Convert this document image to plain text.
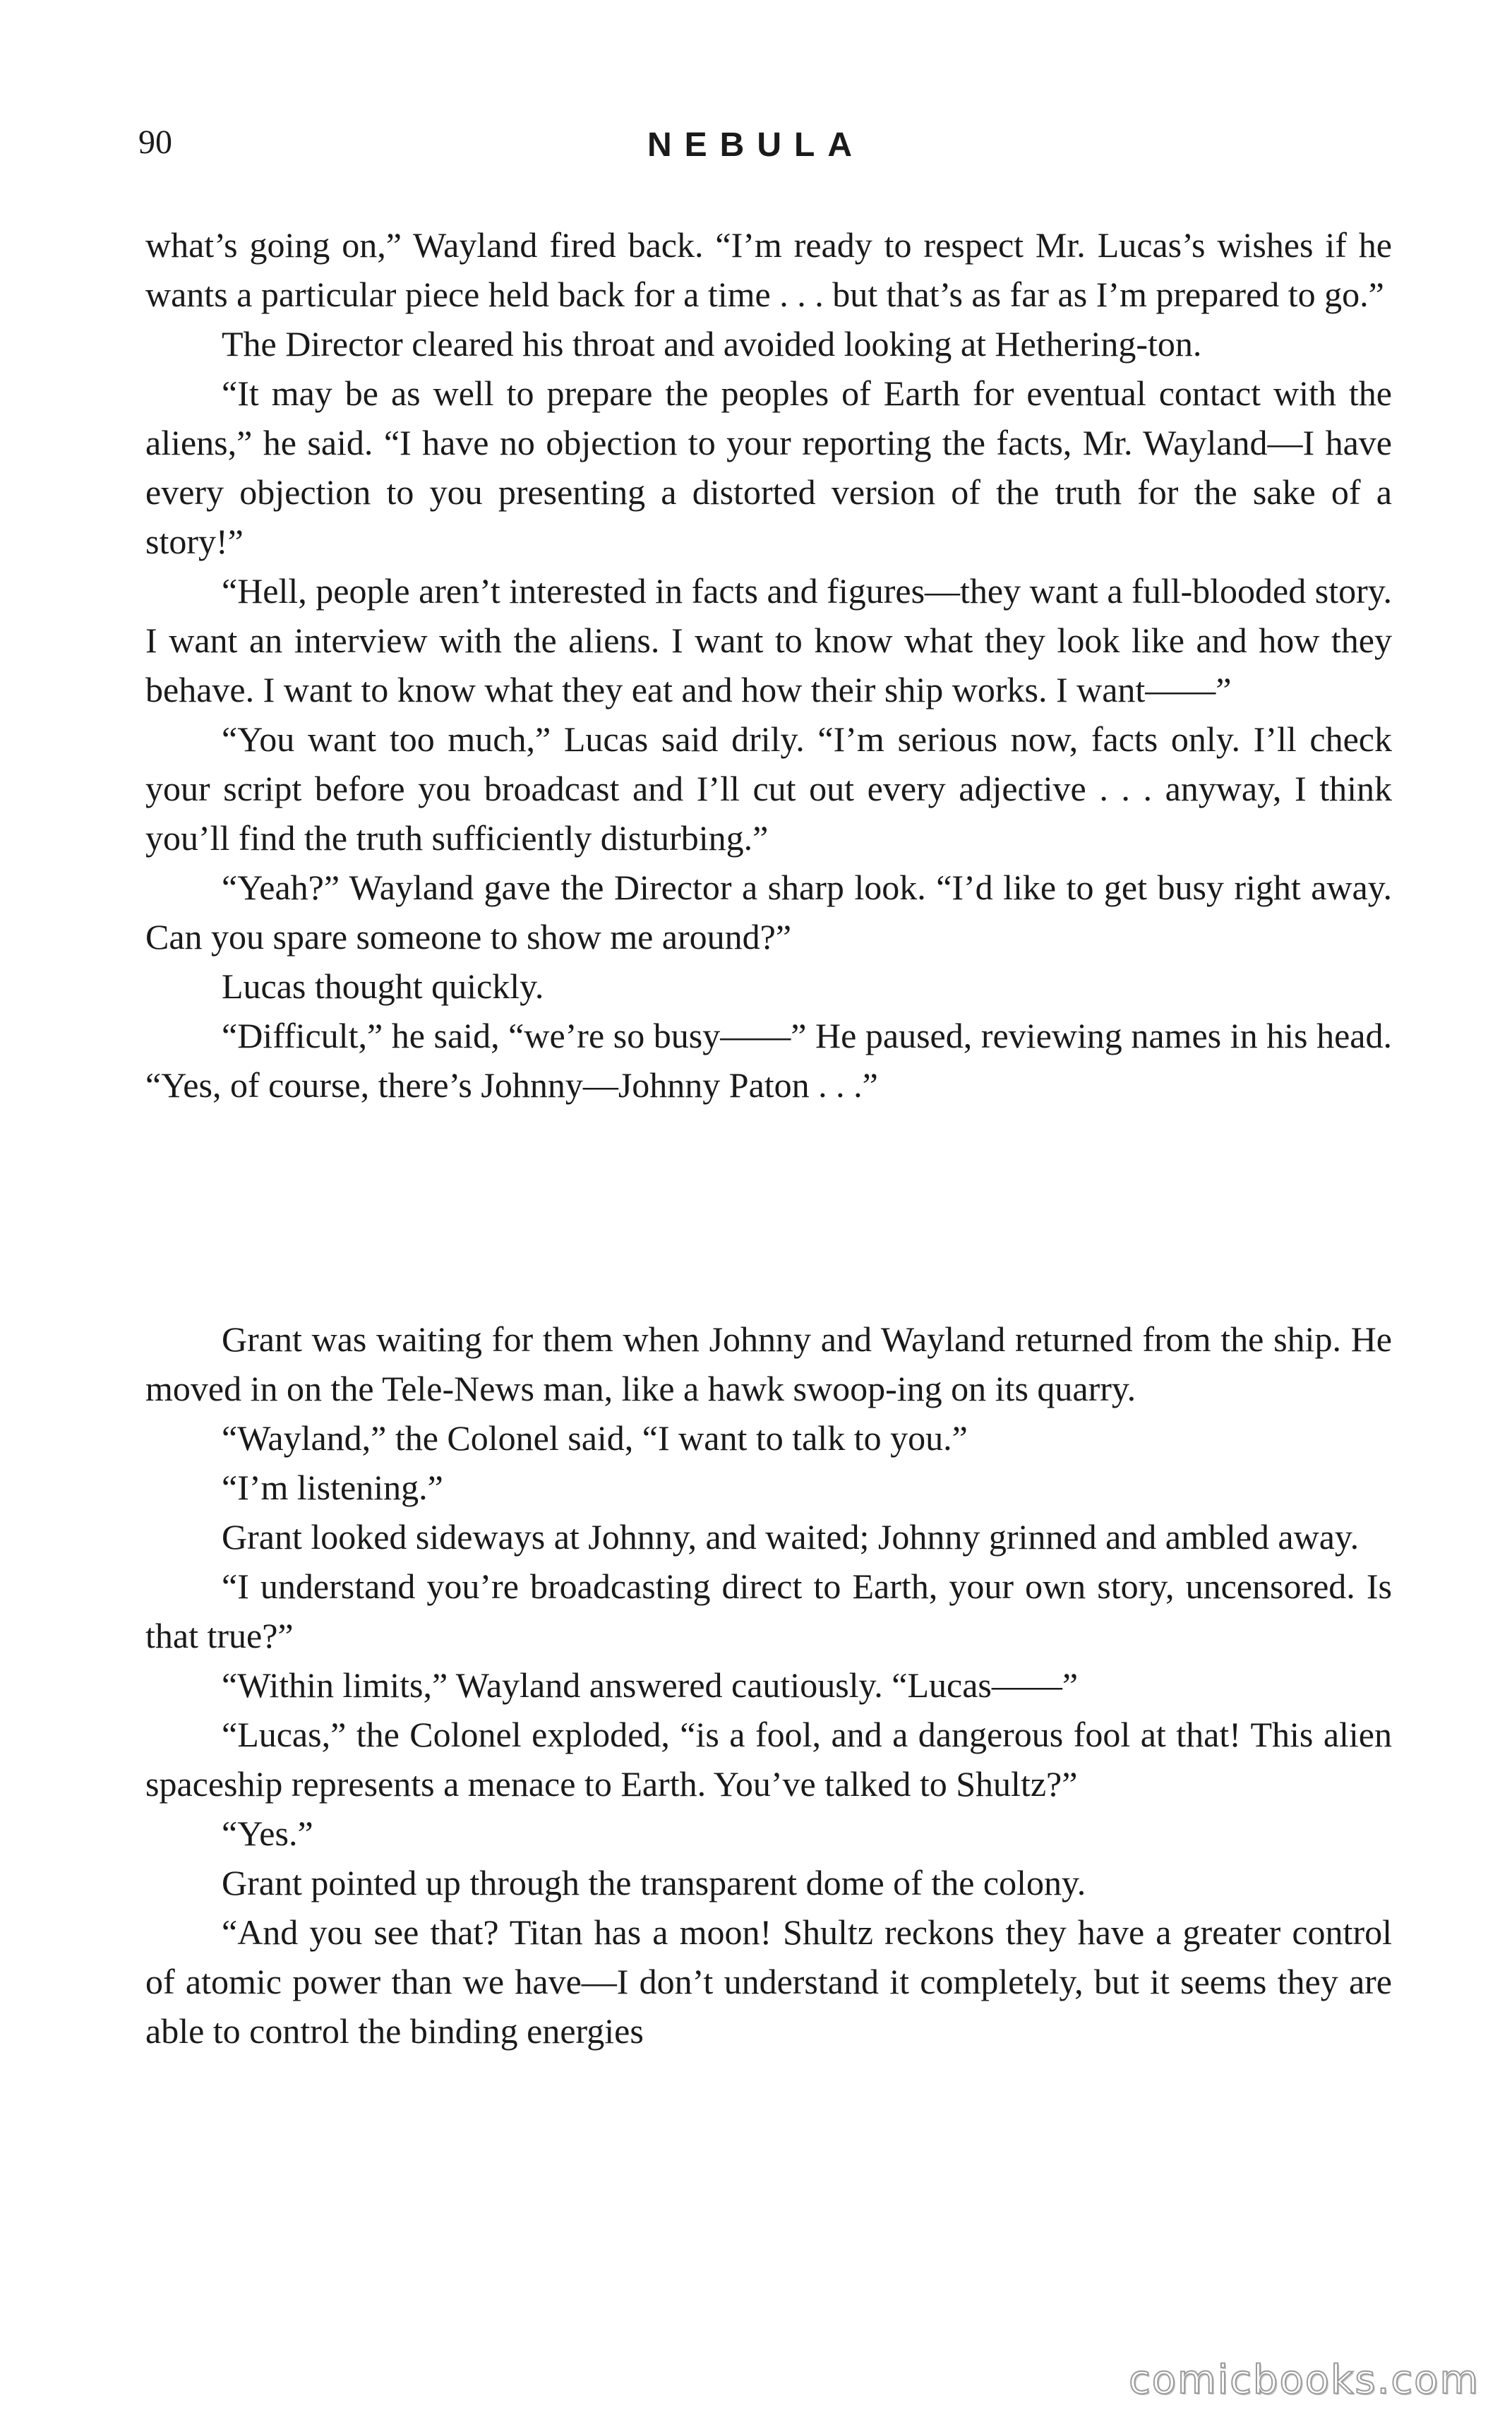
90	NEBULA

what’s going on,” Wayland fired back. “I’m ready to respect Mr. Lucas’s wishes if he wants a particular piece held back for a time . . . but that’s as far as I’m prepared to go.”

The Director cleared his throat and avoided looking at Hethering-ton.

“It may be as well to prepare the peoples of Earth for eventual contact with the aliens,” he said. “I have no objection to your reporting the facts, Mr. Wayland—I have every objection to you presenting a distorted version of the truth for the sake of a story!”

“Hell, people aren’t interested in facts and figures—they want a full-blooded story. I want an interview with the aliens. I want to know what they look like and how they behave. I want to know what they eat and how their ship works. I want——”

“You want too much,” Lucas said drily. “I’m serious now, facts only. I’ll check your script before you broadcast and I’ll cut out every adjective . . . anyway, I think you’ll find the truth sufficiently disturbing.”

“Yeah?” Wayland gave the Director a sharp look. “I’d like to get busy right away. Can you spare someone to show me around?”

Lucas thought quickly.

“Difficult,” he said, “we’re so busy——” He paused, reviewing names in his head. “Yes, of course, there’s Johnny—Johnny Paton . . .”

Grant was waiting for them when Johnny and Wayland returned from the ship. He moved in on the Tele-News man, like a hawk swoop-ing on its quarry.

“Wayland,” the Colonel said, “I want to talk to you.”

“I’m listening.”

Grant looked sideways at Johnny, and waited; Johnny grinned and ambled away.

“I understand you’re broadcasting direct to Earth, your own story, uncensored. Is that true?”

“Within limits,” Wayland answered cautiously. “Lucas——”

“Lucas,” the Colonel exploded, “is a fool, and a dangerous fool at that! This alien spaceship represents a menace to Earth. You’ve talked to Shultz?”

“Yes.”

Grant pointed up through the transparent dome of the colony.

“And you see that? Titan has a moon! Shultz reckons they have a greater control of atomic power than we have—I don’t understand it completely, but it seems they are able to control the binding energies

comicbooks.com
